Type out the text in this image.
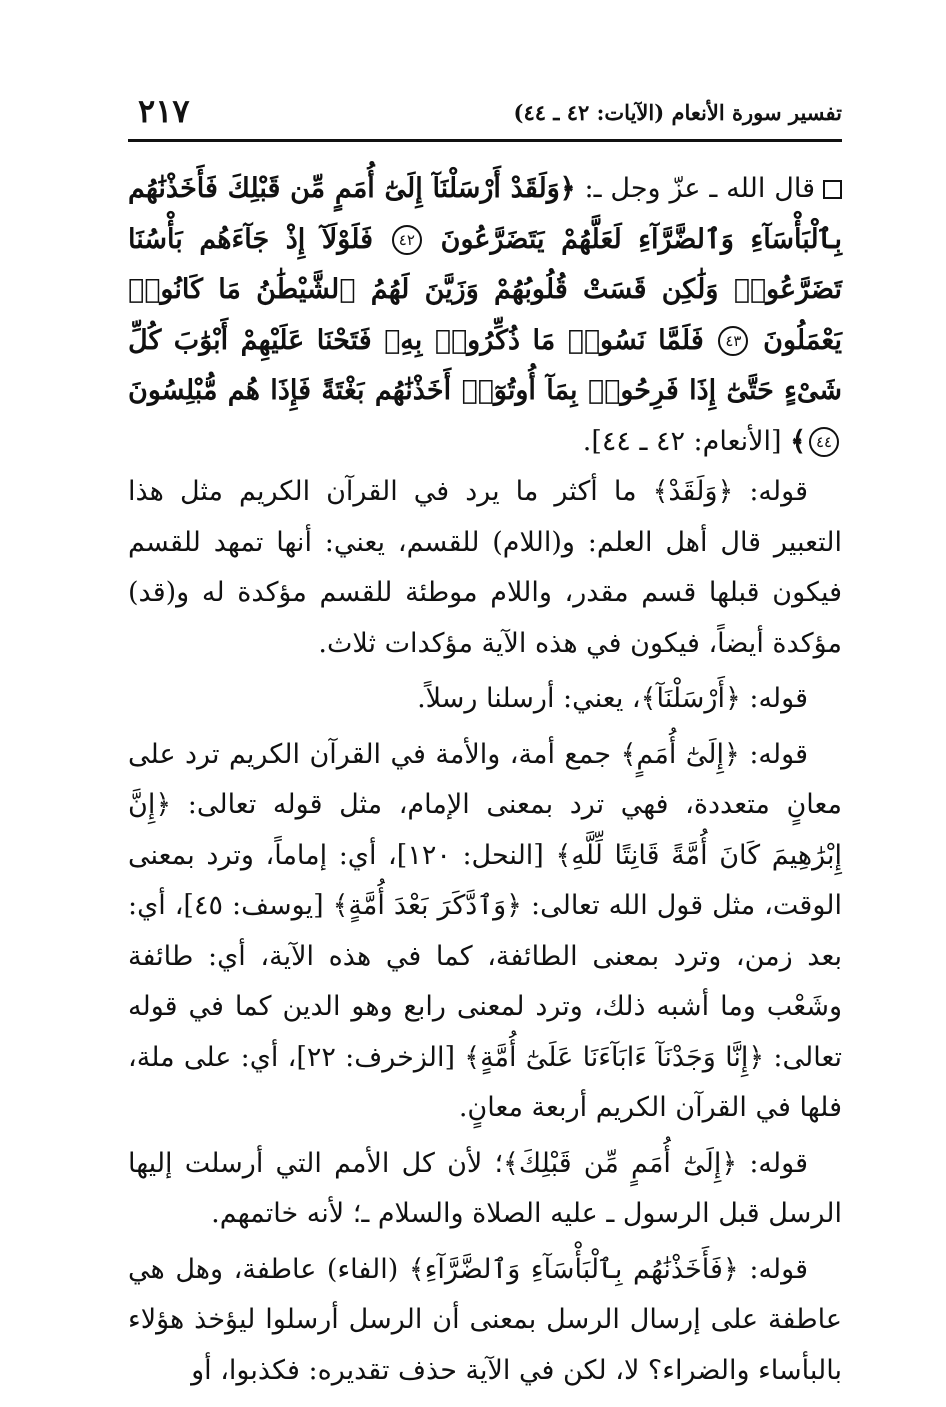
تفسير سورة الأنعام (الآيات: ٤٢ ـ ٤٤)
٢١٧

قال الله ـ عزّ وجل ـ: ﴿وَلَقَدْ أَرْسَلْنَآ إِلَىٰٓ أُمَمٍ مِّن قَبْلِكَ فَأَخَذْنَٰهُم بِٱلْبَأْسَآءِ وَٱلضَّرَّآءِ لَعَلَّهُمْ يَتَضَرَّعُونَ ٤٢ فَلَوْلَآ إِذْ جَآءَهُم بَأْسُنَا تَضَرَّعُوا۟ وَلَٰكِن قَسَتْ قُلُوبُهُمْ وَزَيَّنَ لَهُمُ ٱلشَّيْطَٰنُ مَا كَانُوا۟ يَعْمَلُونَ ٤٣ فَلَمَّا نَسُوا۟ مَا ذُكِّرُوا۟ بِهِۦ فَتَحْنَا عَلَيْهِمْ أَبْوَٰبَ كُلِّ شَىْءٍ حَتَّىٰٓ إِذَا فَرِحُوا۟ بِمَآ أُوتُوٓا۟ أَخَذْنَٰهُم بَغْتَةً فَإِذَا هُم مُّبْلِسُونَ ٤٤﴾ [الأنعام: ٤٢ ـ ٤٤].

قوله: ﴿وَلَقَدْ﴾ ما أكثر ما يرد في القرآن الكريم مثل هذا التعبير قال أهل العلم: و(اللام) للقسم، يعني: أنها تمهد للقسم فيكون قبلها قسم مقدر، واللام موطئة للقسم مؤكدة له و(قد) مؤكدة أيضاً، فيكون في هذه الآية مؤكدات ثلاث.

قوله: ﴿أَرْسَلْنَآ﴾، يعني: أرسلنا رسلاً.

قوله: ﴿إِلَىٰٓ أُمَمٍ﴾ جمع أمة، والأمة في القرآن الكريم ترد على معانٍ متعددة، فهي ترد بمعنى الإمام، مثل قوله تعالى: ﴿إِنَّ إِبْرَٰهِيمَ كَانَ أُمَّةً قَانِتًا لِّلَّهِ﴾ [النحل: ١٢٠]، أي: إماماً، وترد بمعنى الوقت، مثل قول الله تعالى: ﴿وَٱدَّكَرَ بَعْدَ أُمَّةٍ﴾ [يوسف: ٤٥]، أي: بعد زمن، وترد بمعنى الطائفة، كما في هذه الآية، أي: طائفة وشَعْب وما أشبه ذلك، وترد لمعنى رابع وهو الدين كما في قوله تعالى: ﴿إِنَّا وَجَدْنَآ ءَابَآءَنَا عَلَىٰٓ أُمَّةٍ﴾ [الزخرف: ٢٢]، أي: على ملة، فلها في القرآن الكريم أربعة معانٍ.

قوله: ﴿إِلَىٰٓ أُمَمٍ مِّن قَبْلِكَ﴾؛ لأن كل الأمم التي أرسلت إليها الرسل قبل الرسول ـ عليه الصلاة والسلام ـ؛ لأنه خاتمهم.

قوله: ﴿فَأَخَذْنَٰهُم بِٱلْبَأْسَآءِ وَٱلضَّرَّآءِ﴾ (الفاء) عاطفة، وهل هي عاطفة على إرسال الرسل بمعنى أن الرسل أرسلوا ليؤخذ هؤلاء بالبأساء والضراء؟ لا، لكن في الآية حذف تقديره: فكذبوا، أو
